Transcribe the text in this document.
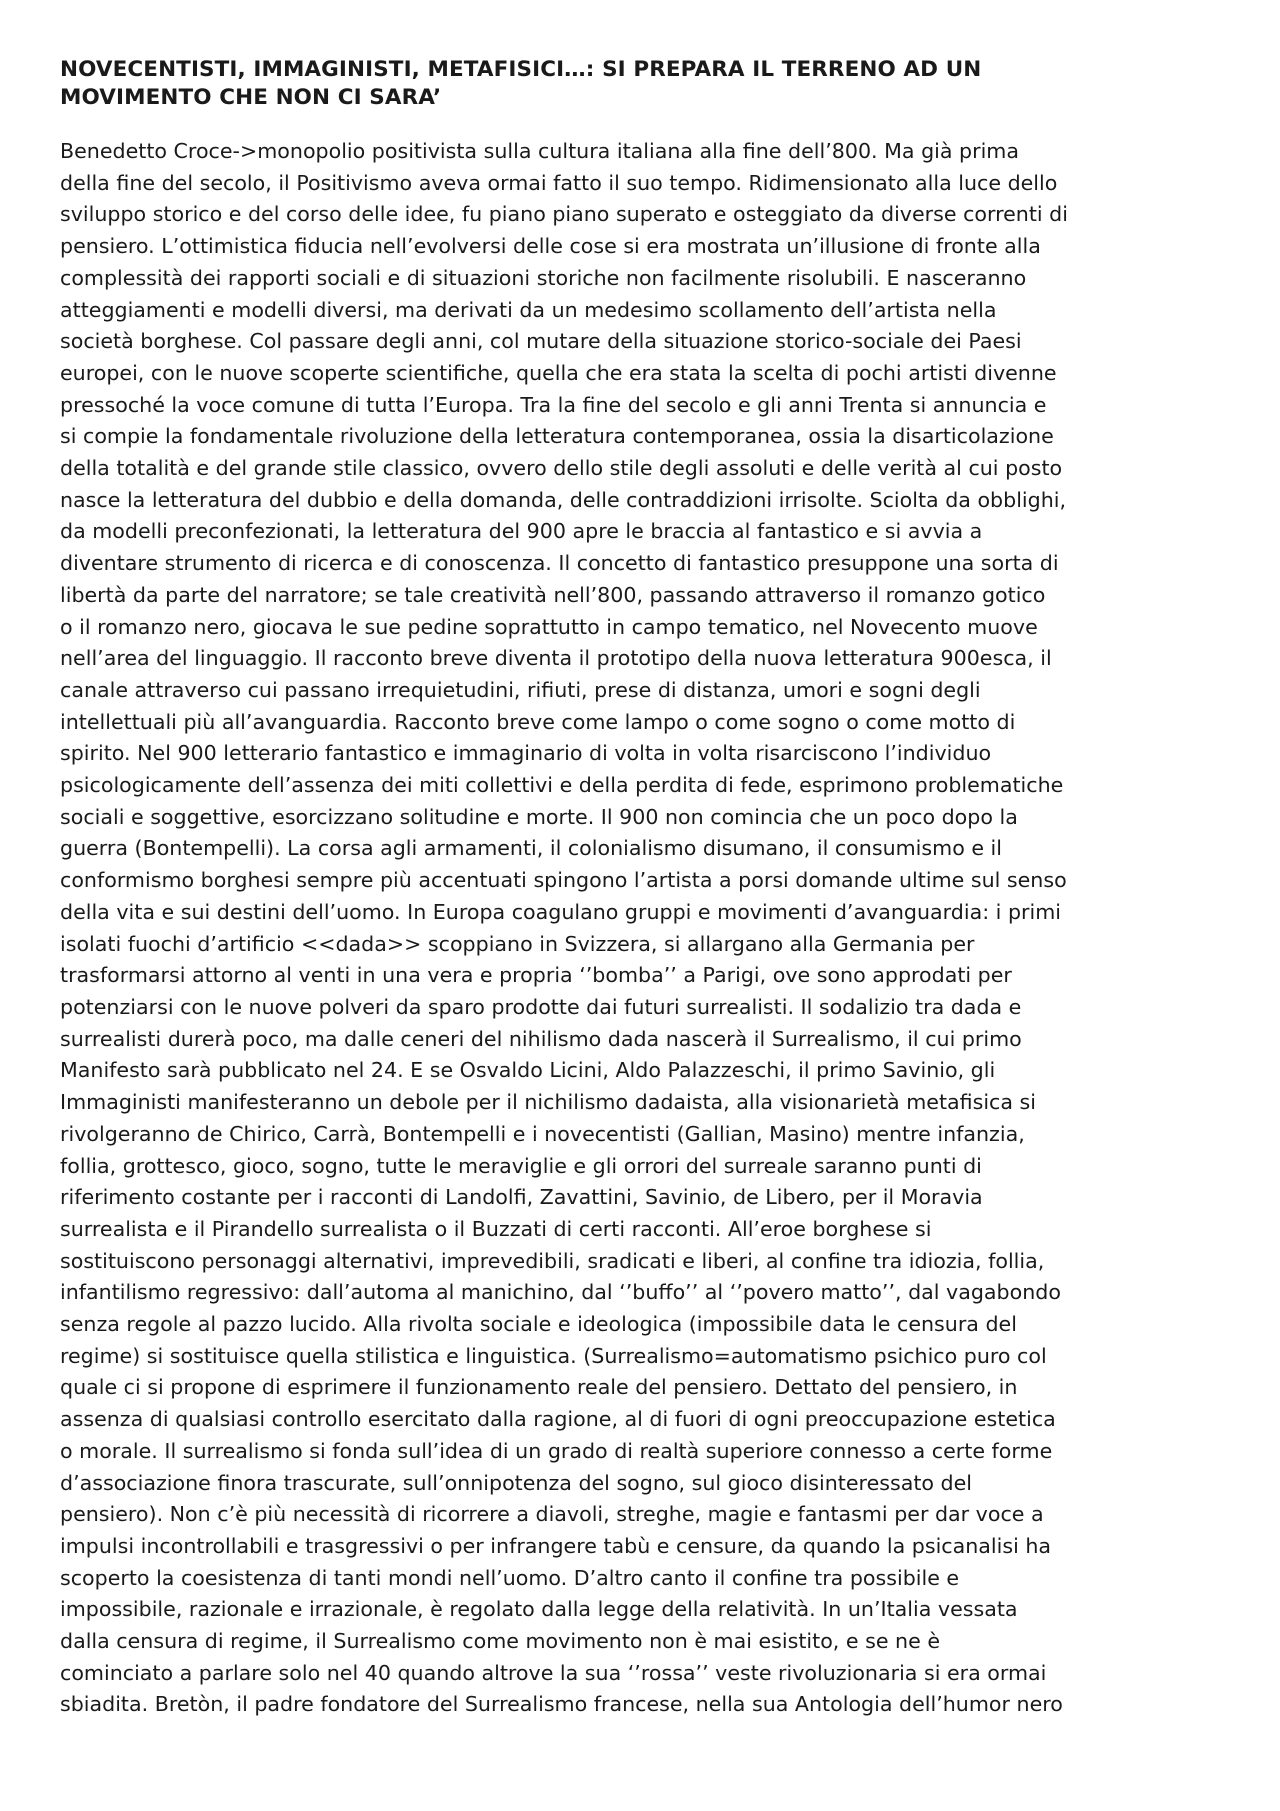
NOVECENTISTI, IMMAGINISTI, METAFISICI…: SI PREPARA IL TERRENO AD UN
MOVIMENTO CHE NON CI SARA’

Benedetto Croce->monopolio positivista sulla cultura italiana alla fine dell’800. Ma già prima
della fine del secolo, il Positivismo aveva ormai fatto il suo tempo. Ridimensionato alla luce dello
sviluppo storico e del corso delle idee, fu piano piano superato e osteggiato da diverse correnti di
pensiero. L’ottimistica fiducia nell’evolversi delle cose si era mostrata un’illusione di fronte alla
complessità dei rapporti sociali e di situazioni storiche non facilmente risolubili. E nasceranno
atteggiamenti e modelli diversi, ma derivati da un medesimo scollamento dell’artista nella
società borghese. Col passare degli anni, col mutare della situazione storico-sociale dei Paesi
europei, con le nuove scoperte scientifiche, quella che era stata la scelta di pochi artisti divenne
pressoché la voce comune di tutta l’Europa. Tra la fine del secolo e gli anni Trenta si annuncia e
si compie la fondamentale rivoluzione della letteratura contemporanea, ossia la disarticolazione
della totalità e del grande stile classico, ovvero dello stile degli assoluti e delle verità al cui posto
nasce la letteratura del dubbio e della domanda, delle contraddizioni irrisolte. Sciolta da obblighi,
da modelli preconfezionati, la letteratura del 900 apre le braccia al fantastico e si avvia a
diventare strumento di ricerca e di conoscenza. Il concetto di fantastico presuppone una sorta di
libertà da parte del narratore; se tale creatività nell’800, passando attraverso il romanzo gotico
o il romanzo nero, giocava le sue pedine soprattutto in campo tematico, nel Novecento muove
nell’area del linguaggio. Il racconto breve diventa il prototipo della nuova letteratura 900esca, il
canale attraverso cui passano irrequietudini, rifiuti, prese di distanza, umori e sogni degli
intellettuali più all’avanguardia. Racconto breve come lampo o come sogno o come motto di
spirito. Nel 900 letterario fantastico e immaginario di volta in volta risarciscono l’individuo
psicologicamente dell’assenza dei miti collettivi e della perdita di fede, esprimono problematiche
sociali e soggettive, esorcizzano solitudine e morte. Il 900 non comincia che un poco dopo la
guerra (Bontempelli). La corsa agli armamenti, il colonialismo disumano, il consumismo e il
conformismo borghesi sempre più accentuati spingono l’artista a porsi domande ultime sul senso
della vita e sui destini dell’uomo. In Europa coagulano gruppi e movimenti d’avanguardia: i primi
isolati fuochi d’artificio <<dada>> scoppiano in Svizzera, si allargano alla Germania per
trasformarsi attorno al venti in una vera e propria ‘’bomba’’ a Parigi, ove sono approdati per
potenziarsi con le nuove polveri da sparo prodotte dai futuri surrealisti. Il sodalizio tra dada e
surrealisti durerà poco, ma dalle ceneri del nihilismo dada nascerà il Surrealismo, il cui primo
Manifesto sarà pubblicato nel 24. E se Osvaldo Licini, Aldo Palazzeschi, il primo Savinio, gli
Immaginisti manifesteranno un debole per il nichilismo dadaista, alla visionarietà metafisica si
rivolgeranno de Chirico, Carrà, Bontempelli e i novecentisti (Gallian, Masino) mentre infanzia,
follia, grottesco, gioco, sogno, tutte le meraviglie e gli orrori del surreale saranno punti di
riferimento costante per i racconti di Landolfi, Zavattini, Savinio, de Libero, per il Moravia
surrealista e il Pirandello surrealista o il Buzzati di certi racconti. All’eroe borghese si
sostituiscono personaggi alternativi, imprevedibili, sradicati e liberi, al confine tra idiozia, follia,
infantilismo regressivo: dall’automa al manichino, dal ‘’buffo’’ al ‘’povero matto’’, dal vagabondo
senza regole al pazzo lucido. Alla rivolta sociale e ideologica (impossibile data le censura del
regime) si sostituisce quella stilistica e linguistica. (Surrealismo=automatismo psichico puro col
quale ci si propone di esprimere il funzionamento reale del pensiero. Dettato del pensiero, in
assenza di qualsiasi controllo esercitato dalla ragione, al di fuori di ogni preoccupazione estetica
o morale. Il surrealismo si fonda sull’idea di un grado di realtà superiore connesso a certe forme
d’associazione finora trascurate, sull’onnipotenza del sogno, sul gioco disinteressato del
pensiero). Non c’è più necessità di ricorrere a diavoli, streghe, magie e fantasmi per dar voce a
impulsi incontrollabili e trasgressivi o per infrangere tabù e censure, da quando la psicanalisi ha
scoperto la coesistenza di tanti mondi nell’uomo. D’altro canto il confine tra possibile e
impossibile, razionale e irrazionale, è regolato dalla legge della relatività. In un’Italia vessata
dalla censura di regime, il Surrealismo come movimento non è mai esistito, e se ne è
cominciato a parlare solo nel 40 quando altrove la sua ‘’rossa’’ veste rivoluzionaria si era ormai
sbiadita. Bretòn, il padre fondatore del Surrealismo francese, nella sua Antologia dell’humor nero
